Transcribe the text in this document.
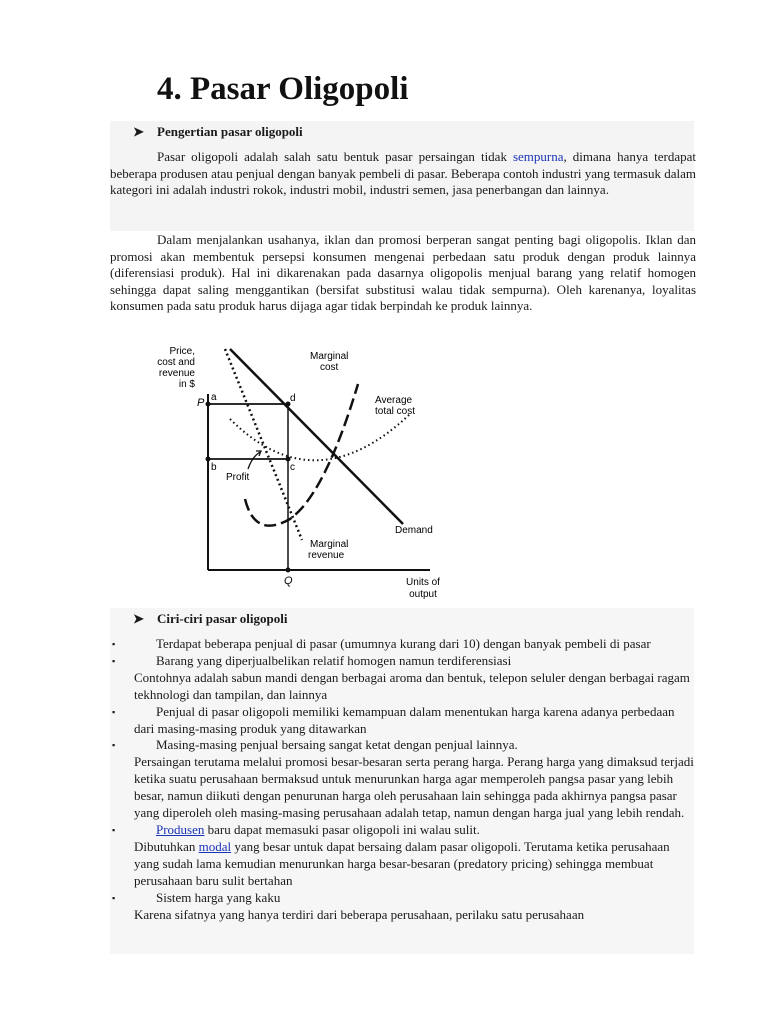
4. Pasar Oligopoli
➤ Pengertian pasar oligopoli

Pasar oligopoli adalah salah satu bentuk pasar persaingan tidak sempurna, dimana hanya terdapat beberapa produsen atau penjual dengan banyak pembeli di pasar. Beberapa contoh industri yang termasuk dalam kategori ini adalah industri rokok, industri mobil, industri semen, jasa penerbangan dan lainnya.

Dalam menjalankan usahanya, iklan dan promosi berperan sangat penting bagi oligopolis. Iklan dan promosi akan membentuk persepsi konsumen mengenai perbedaan satu produk dengan produk lainnya (diferensiasi produk). Hal ini dikarenakan pada dasarnya oligopolis menjual barang yang relatif homogen sehingga dapat saling menggantikan (bersifat substitusi walau tidak sempurna). Oleh karenanya, loyalitas konsumen pada satu produk harus dijaga agar tidak berpindah ke produk lainnya.

Price,
cost and
revenue
in $
Units of
output
P a
b	c
d
Q
Marginal
cost
Average
total cost
Demand
Marginal
revenue
Profit
➤ Ciri-ciri pasar oligopoli
▪	Terdapat beberapa penjual di pasar (umumnya kurang dari 10) dengan banyak pembeli di pasar
▪	Barang yang diperjualbelikan relatif homogen namun terdiferensiasi
Contohnya adalah sabun mandi dengan berbagai aroma dan bentuk, telepon seluler dengan berbagai ragam tekhnologi dan tampilan, dan lainnya
▪	Penjual di pasar oligopoli memiliki kemampuan dalam menentukan harga karena adanya perbedaan dari masing-masing produk yang ditawarkan
▪	Masing-masing penjual bersaing sangat ketat dengan penjual lainnya.
Persaingan terutama melalui promosi besar-besaran serta perang harga. Perang harga yang dimaksud terjadi ketika suatu perusahaan bermaksud untuk menurunkan harga agar memperoleh pangsa pasar yang lebih besar, namun diikuti dengan penurunan harga oleh perusahaan lain sehingga pada akhirnya pangsa pasar yang diperoleh oleh masing-masing perusahaan adalah tetap, namun dengan harga jual yang lebih rendah.
▪	Produsen baru dapat memasuki pasar oligopoli ini walau sulit.
Dibutuhkan modal yang besar untuk dapat bersaing dalam pasar oligopoli. Terutama ketika perusahaan yang sudah lama kemudian menurunkan harga besar-besaran (predatory pricing) sehingga membuat perusahaan baru sulit bertahan
▪	Sistem harga yang kaku
Karena sifatnya yang hanya terdiri dari beberapa perusahaan, perilaku satu perusahaan
